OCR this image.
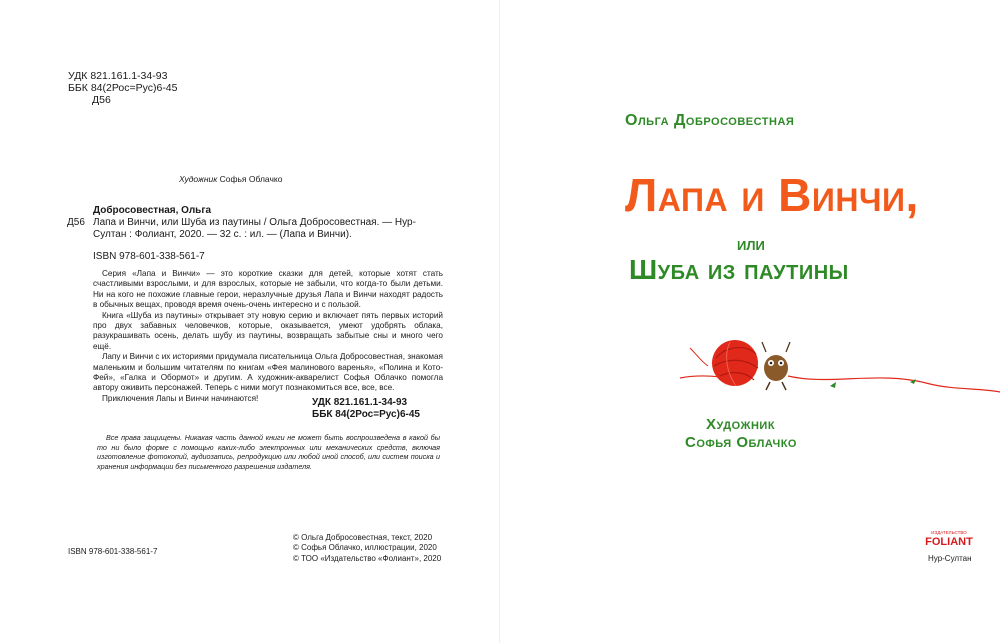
УДК 821.161.1-34-93
ББК 84(2Рос=Рус)6-45
Д56
Художник Софья Облачко
Добросовестная, Ольга
Д56 Лапа и Винчи, или Шуба из паутины / Ольга Добросовестная. — Нур-
Султан : Фолиант, 2020. — 32 с. : ил. — (Лапа и Винчи).
ISBN 978-601-338-561-7

Серия «Лапа и Винчи» — это короткие сказки для детей, которые хотят стать счастливыми взрослыми, и для взрослых, которые не забыли, что когда-то были детьми. Ни на кого не похожие главные герои, неразлучные друзья Лапа и Винчи находят радость в обычных вещах, проводя время очень-очень интересно и с пользой.

Книга «Шуба из паутины» открывает эту новую серию и включает пять первых историй про двух забавных человечков, которые, оказывается, умеют удобрять облака, разукрашивать осень, делать шубу из паутины, возвращать забытые сны и много чего ещё.

Лапу и Винчи с их историями придумала писательница Ольга Добросовестная, знакомая маленьким и большим читателям по книгам «Фея малинового варенья», «Полина и Кото-Фей», «Галка и Обормот» и другим. А художник-акварелист Софья Облачко помогла автору оживить персонажей. Теперь с ними могут познакомиться все, все, все.

Приключения Лапы и Винчи начинаются!	УДК 821.161.1-34-93
ББК 84(2Рос=Рус)6-45
Все права защищены. Никакая часть данной книги не может быть воспроизведена в какой бы то ни было форме с помощью каких-либо электронных или механических средств, включая изготовление фотокопий, аудиозапись, репродукцию или любой иной способ, или систем поиска и хранения информации без письменного разрешения издателя.
ISBN 978-601-338-561-7
© Ольга Добросовестная, текст, 2020
© Софья Облачко, иллюстрации, 2020
© ТОО «Издательство «Фолиант», 2020
Ольга Добросовестная
Лапа и Винчи,
или
Шуба из паутины
Художник
Софья Облачко
ИЗДАТЕЛЬСТВО
FOLIANT
Нур-Султан
